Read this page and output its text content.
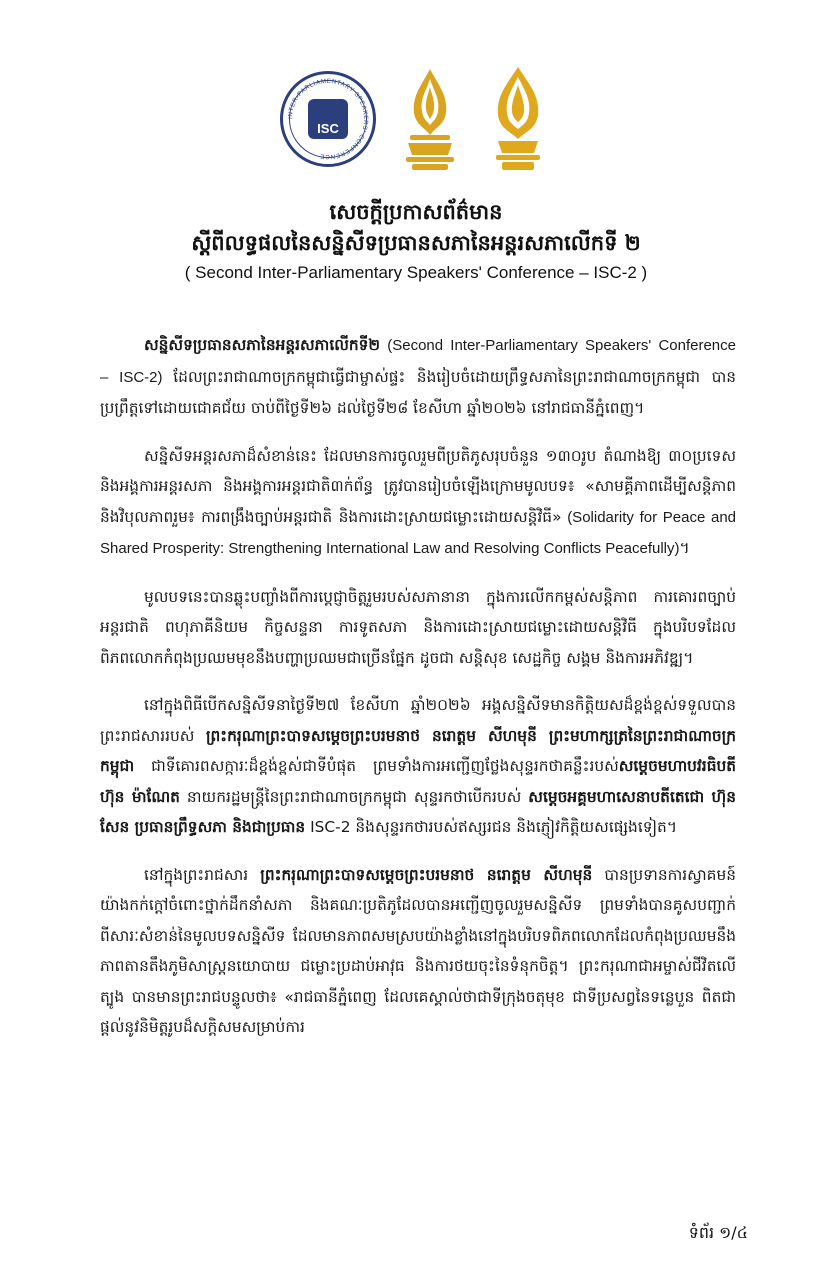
INTER-PARLIAMENTARY SPEAKERS' CONFERENCE
ISC
សេចក្តីប្រកាសព័ត៌មាន
ស្តីពីលទ្ធផលនៃសន្និសីទប្រធានសភានៃអន្តរសភាលើកទី ២
( Second Inter-Parliamentary Speakers' Conference – ISC-2 )

សន្និសីទប្រធានសភានៃអន្តរសភាលើកទី២ (Second Inter-Parliamentary Speakers' Conference – ISC-2) ដែលព្រះរាជាណាចក្រកម្ពុជាធ្វើជាម្ចាស់ផ្ទះ និងរៀបចំដោយព្រឹទ្ធសភានៃព្រះរាជាណាចក្រកម្ពុជា បានប្រព្រឹត្តទៅដោយជោគជ័យ ចាប់ពីថ្ងៃទី២៦ ដល់ថ្ងៃទី២៨ ខែសីហា ឆ្នាំ២០២៦ នៅរាជធានីភ្នំពេញ។

សន្និសីទអន្តរសភាដ៏សំខាន់នេះ ដែលមានការចូលរួមពីប្រតិភូសរុបចំនួន ១៣០រូប តំណាងឱ្យ ៣០ប្រទេស និងអង្គការអន្តរសភា និងអង្គការអន្តរជាតិ៣ក់ព័ន្ធ ត្រូវបានរៀបចំឡើងក្រោមមូលបទ៖ «សាមគ្គីភាពដើម្បីសន្តិភាព និងវិបុលភាពរួម៖ ការពង្រឹងច្បាប់អន្តរជាតិ និងការដោះស្រាយជម្លោះដោយសន្តិវិធី» (Solidarity for Peace and Shared Prosperity: Strengthening International Law and Resolving Conflicts Peacefully)។

មូលបទនេះបានឆ្លុះបញ្ចាំងពីការប្តេជ្ញាចិត្តរួមរបស់សភានានា ក្នុងការលើកកម្ពស់សន្តិភាព ការគោរពច្បាប់អន្តរជាតិ ពហុភាគីនិយម កិច្ចសន្ទនា ការទូតសភា និងការដោះស្រាយជម្លោះដោយសន្តិវិធី ក្នុងបរិបទដែលពិភពលោកកំពុងប្រឈមមុខនឹងបញ្ហាប្រឈមជាច្រើនផ្នែក ដូចជា សន្តិសុខ សេដ្ឋកិច្ច សង្គម និងការអភិវឌ្ឍ។

នៅក្នុងពិធីបើកសន្និសីទនាថ្ងៃទី២៧ ខែសីហា ឆ្នាំ២០២៦ អង្គសន្និសីទមានកិត្តិយសដ៏ខ្ពង់ខ្ពស់ទទួលបានព្រះរាជសាររបស់ ព្រះករុណាព្រះបាទសម្តេចព្រះបរមនាថ នរោត្តម សីហមុនី ព្រះមហាក្សត្រនៃព្រះរាជាណាចក្រកម្ពុជា ជាទីគោរពសក្ការៈដ៏ខ្ពង់ខ្ពស់ជាទីបំផុត ព្រមទាំងការអញ្ជើញថ្លែងសុន្ទរកថាគន្លឹះរបស់សម្តេចមហាបវរធិបតី ហ៊ុន ម៉ាណែត នាយករដ្ឋមន្ត្រីនៃព្រះរាជាណាចក្រកម្ពុជា សុន្ទរកថាបើករបស់ សម្តេចអគ្គមហាសេនាបតីតេជោ ហ៊ុន សែន ប្រធានព្រឹទ្ធសភា និងជាប្រធាន ISC-2 និងសុន្ទរកថារបស់ឥស្សរជន និងភ្ញៀវកិត្តិយសផ្សេងទៀត។

នៅក្នុងព្រះរាជសារ ព្រះករុណាព្រះបាទសម្តេចព្រះបរមនាថ នរោត្តម សីហមុនី បានប្រទានការស្វាគមន៍យ៉ាងកក់ក្តៅចំពោះថ្នាក់ដឹកនាំសភា និងគណៈប្រតិភូដែលបានអញ្ជើញចូលរួមសន្និសីទ ព្រមទាំងបានគូសបញ្ជាក់ពីសារៈសំខាន់នៃមូលបទសន្និសីទ ដែលមានភាពសមស្របយ៉ាងខ្លាំងនៅក្នុងបរិបទពិភពលោកដែលកំពុងប្រឈមនឹងភាពតានតឹងភូមិសាស្ត្រនយោបាយ ជម្លោះប្រដាប់អាវុធ និងការថយចុះនៃទំនុកចិត្ត។ ព្រះករុណាជាអម្ចាស់ជីវិតលើត្បូង បានមានព្រះរាជបន្ទូលថា៖ «រាជធានីភ្នំពេញ ដែលគេស្គាល់ថាជាទីក្រុងចតុមុខ ជាទីប្រសព្វនៃទន្លេបួន ពិតជាផ្តល់នូវនិមិត្តរូបដ៏សក្តិសមសម្រាប់ការ

ទំព័រ ១/៤
